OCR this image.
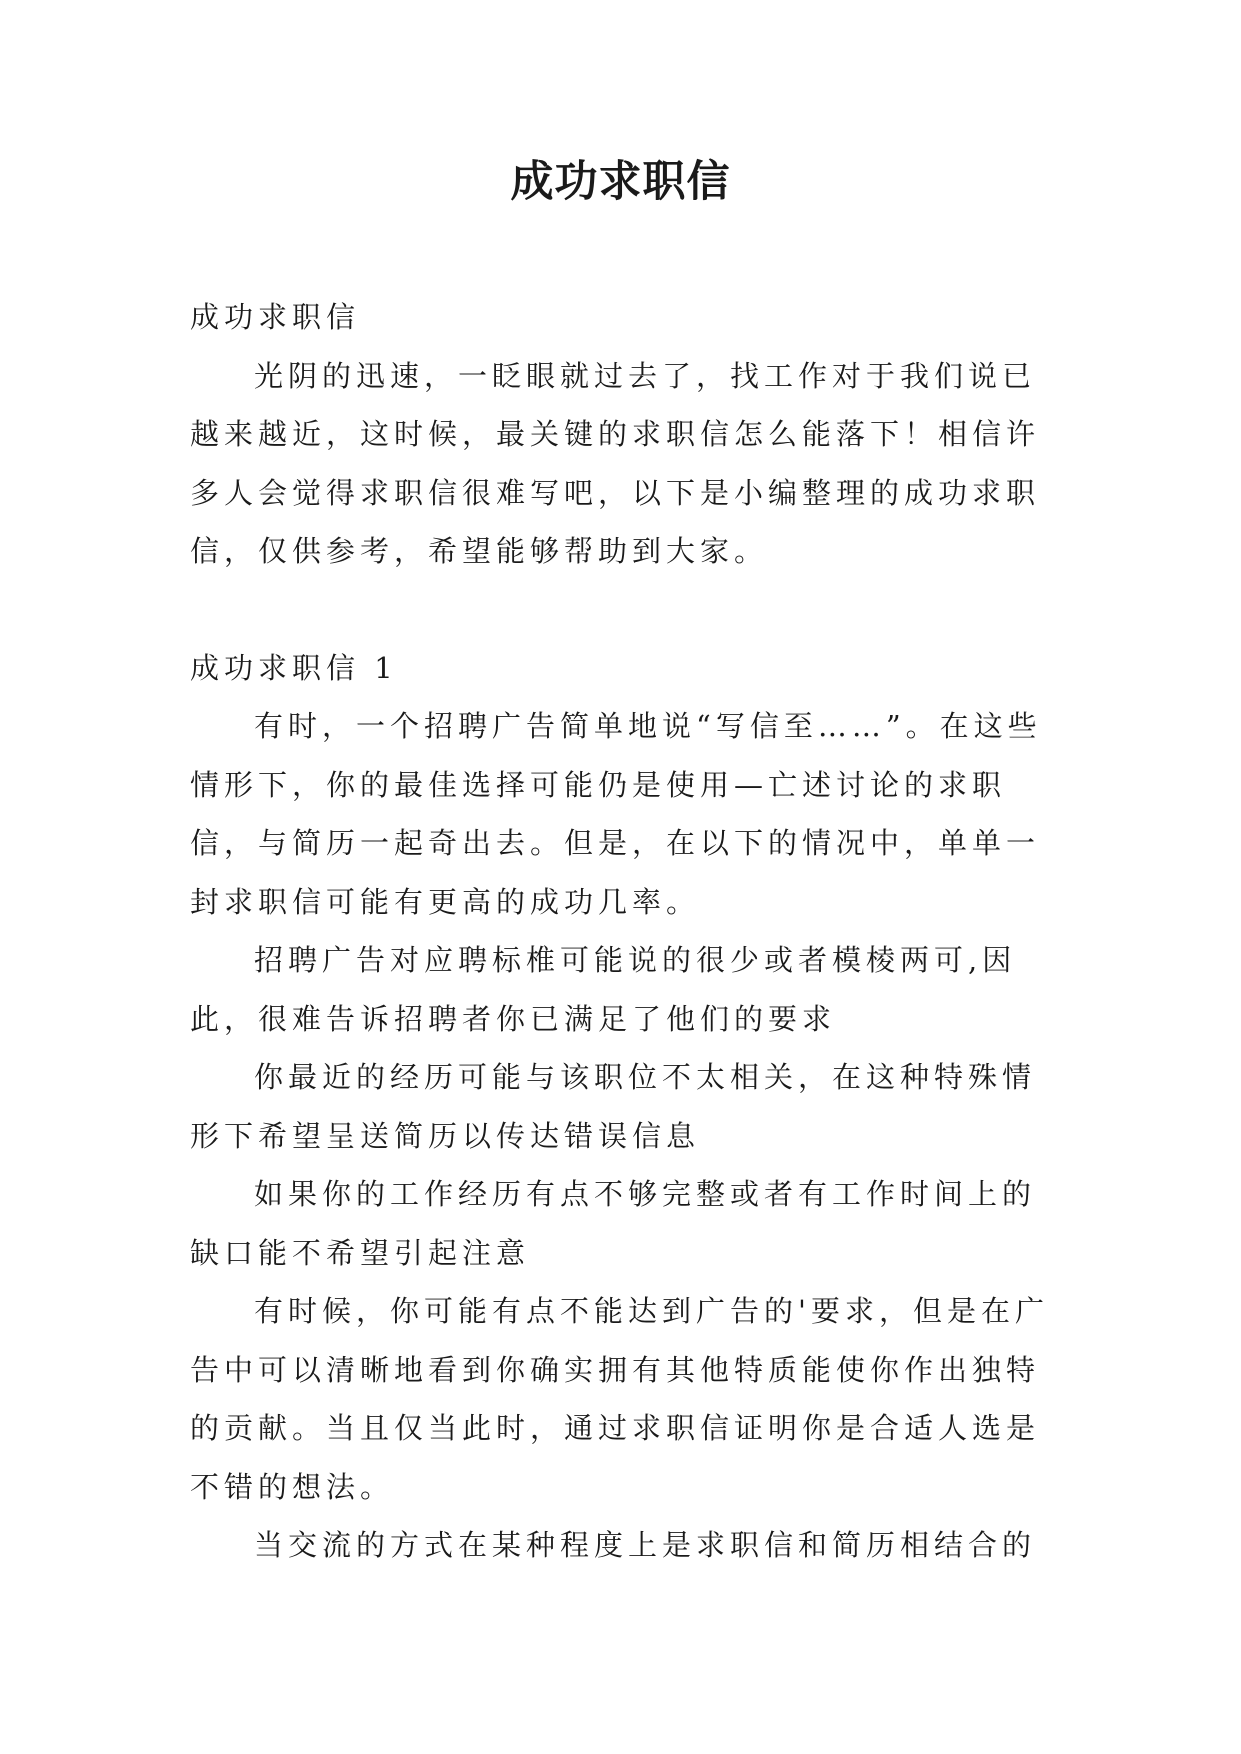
成功求职信

成功求职信

光阴的迅速，一眨眼就过去了，找工作对于我们说已越来越近，这时候，最关键的求职信怎么能落下！相信许多人会觉得求职信很难写吧，以下是小编整理的成功求职信，仅供参考，希望能够帮助到大家。

成功求职信 1

有时，一个招聘广告简单地说“写信至……”。在这些情形下，你的最佳选择可能仍是使用—亡述讨论的求职信，与简历一起奇出去。但是，在以下的情况中，单单一封求职信可能有更高的成功几率。

招聘广告对应聘标椎可能说的很少或者模棱两可,因此，很难告诉招聘者你已满足了他们的要求

你最近的经历可能与该职位不太相关，在这种特殊情形下希望呈送简历以传达错误信息

如果你的工作经历有点不够完整或者有工作时间上的缺口能不希望引起注意

有时候，你可能有点不能达到广告的'要求，但是在广告中可以清晰地看到你确实拥有其他特质能使你作出独特的贡献。当且仅当此时，通过求职信证明你是合适人选是不错的想法。

当交流的方式在某种程度上是求职信和简历相结合的
